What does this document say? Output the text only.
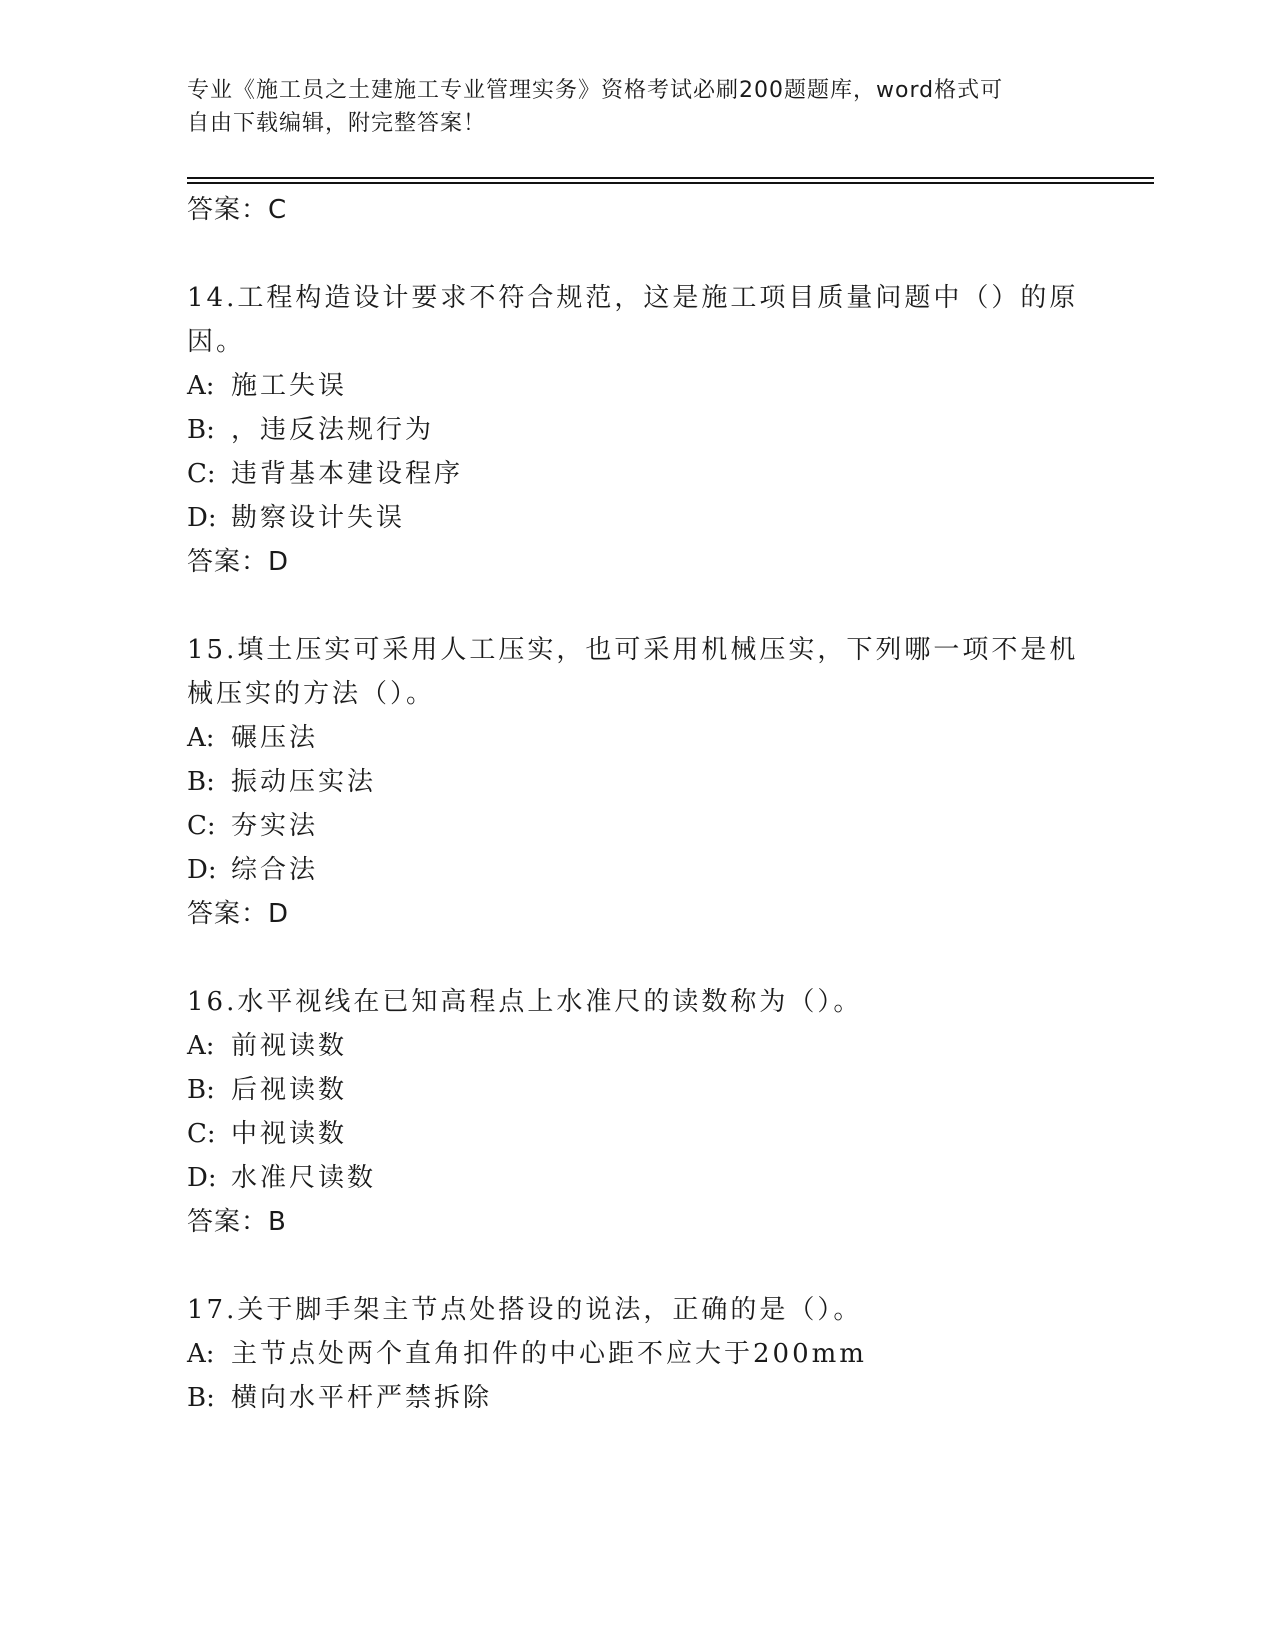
专业《施工员之土建施工专业管理实务》资格考试必刷200题题库，word格式可
自由下载编辑，附完整答案！
答案：C
14.工程构造设计要求不符合规范，这是施工项目质量问题中（）的原
因。
A: 施工失误
B: ，违反法规行为
C: 违背基本建设程序
D: 勘察设计失误
答案：D
15.填土压实可采用人工压实，也可采用机械压实，下列哪一项不是机
械压实的方法（）。
A: 碾压法
B: 振动压实法
C: 夯实法
D: 综合法
答案：D
16.水平视线在已知高程点上水准尺的读数称为（）。
A: 前视读数
B: 后视读数
C: 中视读数
D: 水准尺读数
答案：B
17.关于脚手架主节点处搭设的说法，正确的是（）。
A: 主节点处两个直角扣件的中心距不应大于200mm
B: 横向水平杆严禁拆除
